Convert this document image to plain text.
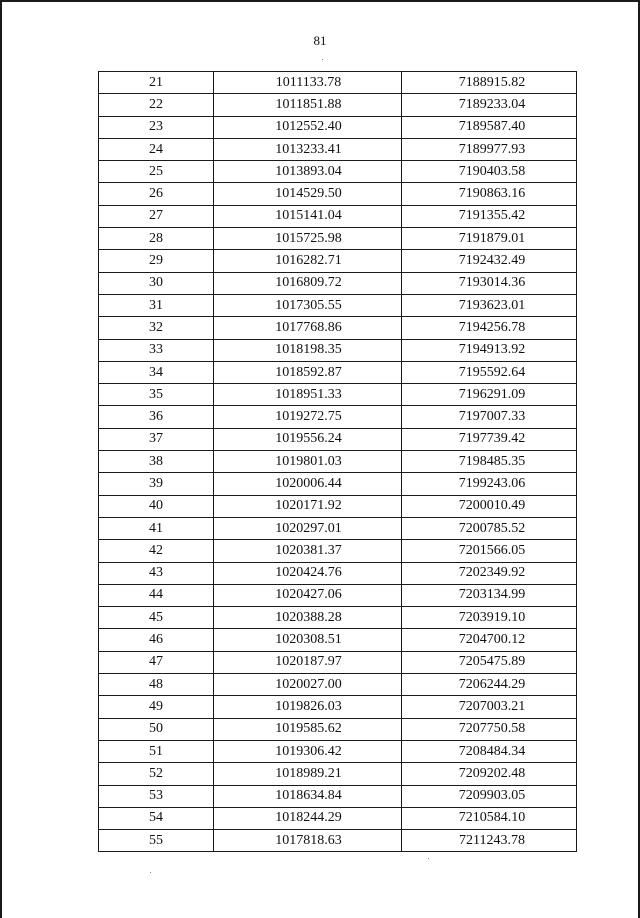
81
21	1011133.78	7188915.82
22	1011851.88	7189233.04
23	1012552.40	7189587.40
24	1013233.41	7189977.93
25	1013893.04	7190403.58
26	1014529.50	7190863.16
27	1015141.04	7191355.42
28	1015725.98	7191879.01
29	1016282.71	7192432.49
30	1016809.72	7193014.36
31	1017305.55	7193623.01
32	1017768.86	7194256.78
33	1018198.35	7194913.92
34	1018592.87	7195592.64
35	1018951.33	7196291.09
36	1019272.75	7197007.33
37	1019556.24	7197739.42
38	1019801.03	7198485.35
39	1020006.44	7199243.06
40	1020171.92	7200010.49
41	1020297.01	7200785.52
42	1020381.37	7201566.05
43	1020424.76	7202349.92
44	1020427.06	7203134.99
45	1020388.28	7203919.10
46	1020308.51	7204700.12
47	1020187.97	7205475.89
48	1020027.00	7206244.29
49	1019826.03	7207003.21
50	1019585.62	7207750.58
51	1019306.42	7208484.34
52	1018989.21	7209202.48
53	1018634.84	7209903.05
54	1018244.29	7210584.10
55	1017818.63	7211243.78
